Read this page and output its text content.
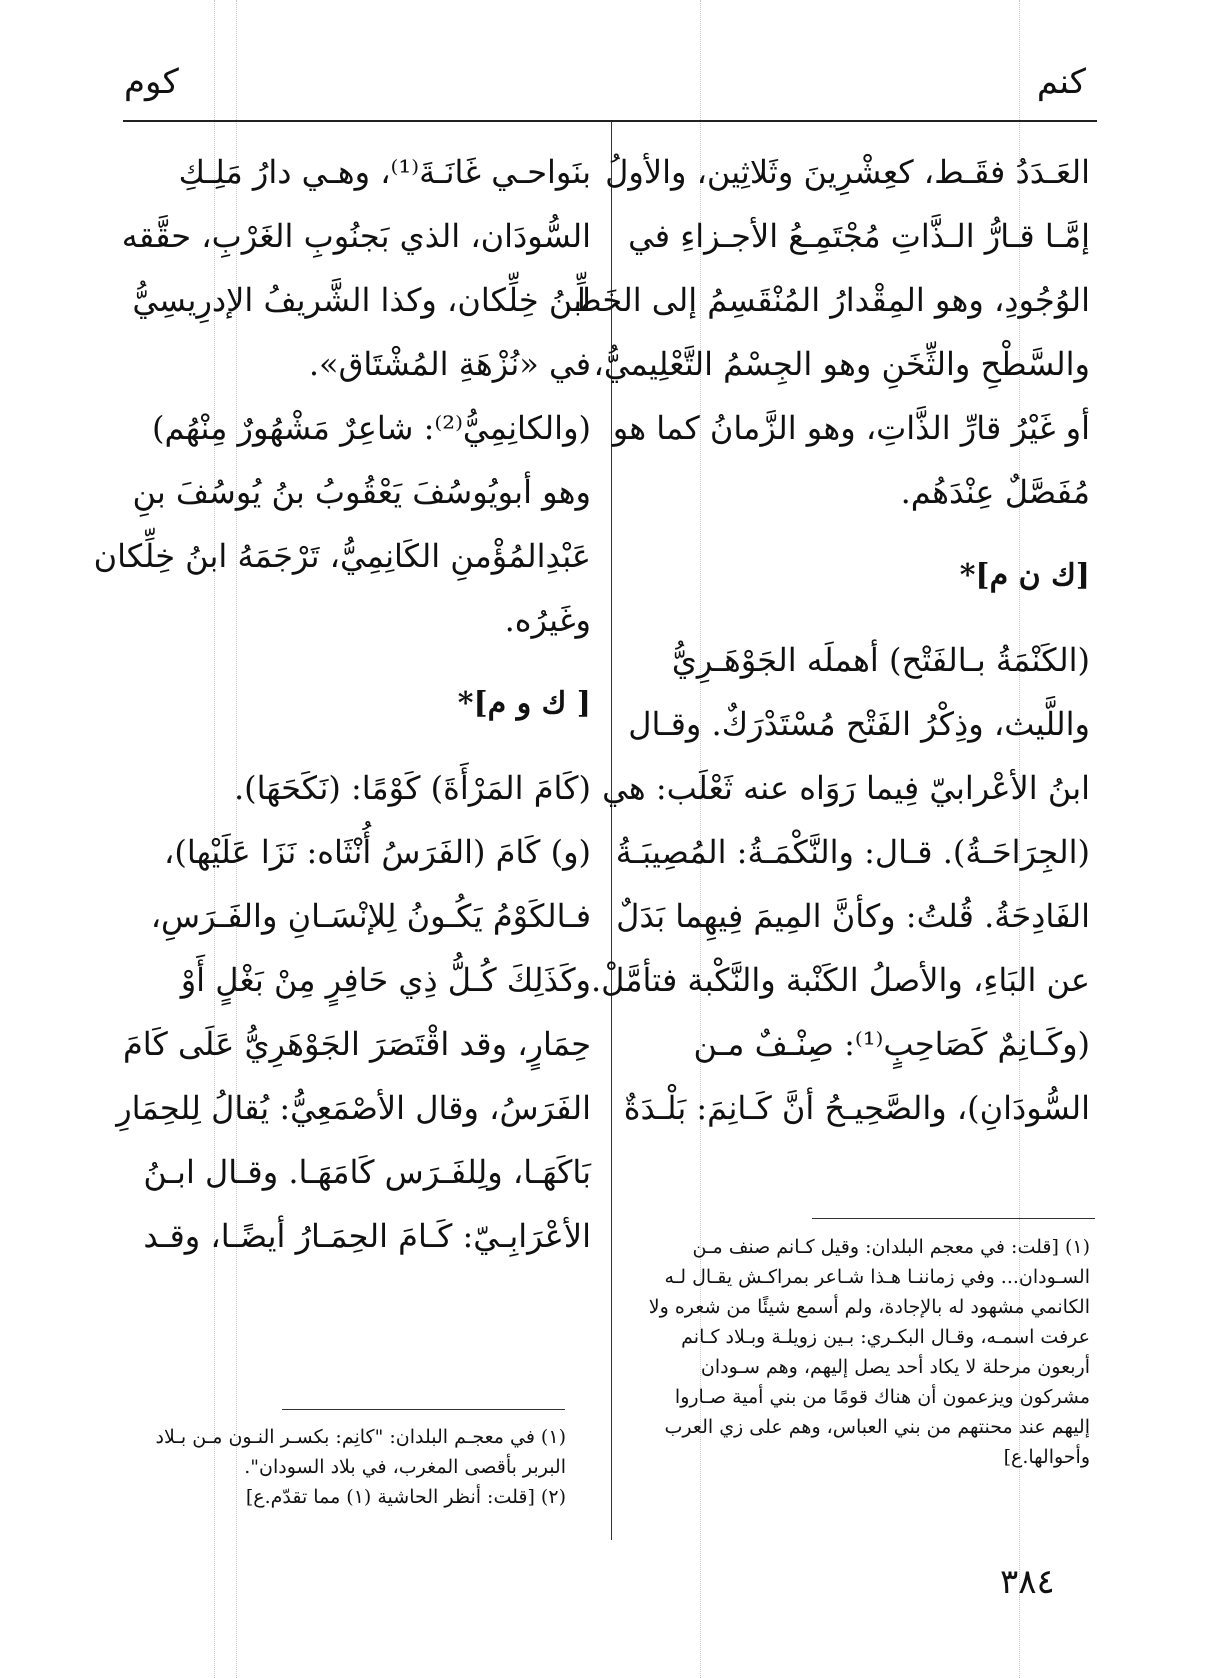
كنم
كوم
العَـدَدُ فقَـط، كعِشْرِينَ وثَلاثِين، والأولُ
إمَّـا قـارُّ الـذَّاتِ مُجْتَمِـعُ الأجـزاءِ في
الوُجُودِ، وهو المِقْدارُ المُنْقَسِمُ إلى الخَطِّ
والسَّطْحِ والثِّخَنِ وهو الجِسْمُ التَّعْلِيميُّ،
أو غَيْرُ قارِّ الذَّاتِ، وهو الزَّمانُ كما هو
مُفَصَّلٌ عِنْدَهُم.
[ك ن م]*
(الكَنْمَةُ بـالفَتْح) أهملَه الجَوْهَـرِيُّ
واللَّيث، وذِكْرُ الفَتْح مُسْتَدْرَكٌ. وقـال
ابنُ الأعْرابيّ فِيما رَوَاه عنه ثَعْلَب: هي
(الجِرَاحَـةُ). قـال: والنَّكْمَـةُ: المُصِيبَـةُ
الفَادِحَةُ. قُلتُ: وكأنَّ المِيمَ فِيهِما بَدَلٌ
عن البَاءِ، والأصلُ الكَنْبة والنَّكْبة فتأمَّلْ.
(وكَـانِمٌ كَصَاحِبٍ⁽¹⁾: صِنْـفٌ مـن
السُّودَانِ)، والصَّحِيـحُ أنَّ كَـانِمَ: بَلْـدَةٌ
بنَواحـي غَانَـةَ⁽¹⁾، وهـي دارُ مَلِـكِ
السُّودَان، الذي بَجنُوبِ الغَرْبِ، حقَّقه
ابنُ خِلِّكان، وكذا الشَّريفُ الإدرِيسِيُّ
في «نُزْهَةِ المُشْتَاق».
(والكانِمِيُّ⁽²⁾: شاعِرٌ مَشْهُورٌ مِنْهُم)
وهو أبويُوسُفَ يَعْقُوبُ بنُ يُوسُفَ بنِ
عَبْدِالمُؤْمنِ الكَانِمِيُّ، تَرْجَمَهُ ابنُ خِلِّكان
وغَيرُه.
[ ك و م]*
(كَامَ المَرْأَةَ) كَوْمًا: (نَكَحَهَا).
(و) كَامَ (الفَرَسُ أُنْثَاه: نَزَا عَلَيْها)،
فـالكَوْمُ يَكُـونُ لِلإنْسَـانِ والفَـرَسِ،
وكَذَلِكَ كُـلُّ ذِي حَافِرٍ مِنْ بَغْلٍ أَوْ
حِمَارٍ، وقد اقْتَصَرَ الجَوْهَرِيُّ عَلَى كَامَ
الفَرَسُ، وقال الأصْمَعِيُّ: يُقالُ لِلحِمَارِ
بَاكَهَـا، ولِلفَـرَس كَامَهَـا. وقـال ابـنُ
الأعْرَابِـيّ: كَـامَ الحِمَـارُ أيضًـا، وقـد	(١) [قلت: في معجم البلدان: وقيل كـانم صنف مـن
السـودان... وفي زماننـا هـذا شـاعر بمراكـش يقـال لـه
الكانمي مشهود له بالإجادة، ولم أسمع شيئًا من شعره ولا
عرفت اسمـه، وقـال البكـري: بـين زويلـة وبـلاد كـانم
أربعون مرحلة لا يكاد أحد يصل إليهم، وهم سـودان
مشركون ويزعمون أن هناك قومًا من بني أمية صـاروا
إليهم عند محنتهم من بني العباس، وهم على زي العرب
وأحوالها.ع]
(١) في معجـم البلدان: "كانِم: بكسـر النـون مـن بـلاد
البربر بأقصى المغرب، في بلاد السودان".
(٢) [قلت: أنظر الحاشية (١) مما تقدّم.ع]
٣٨٤
